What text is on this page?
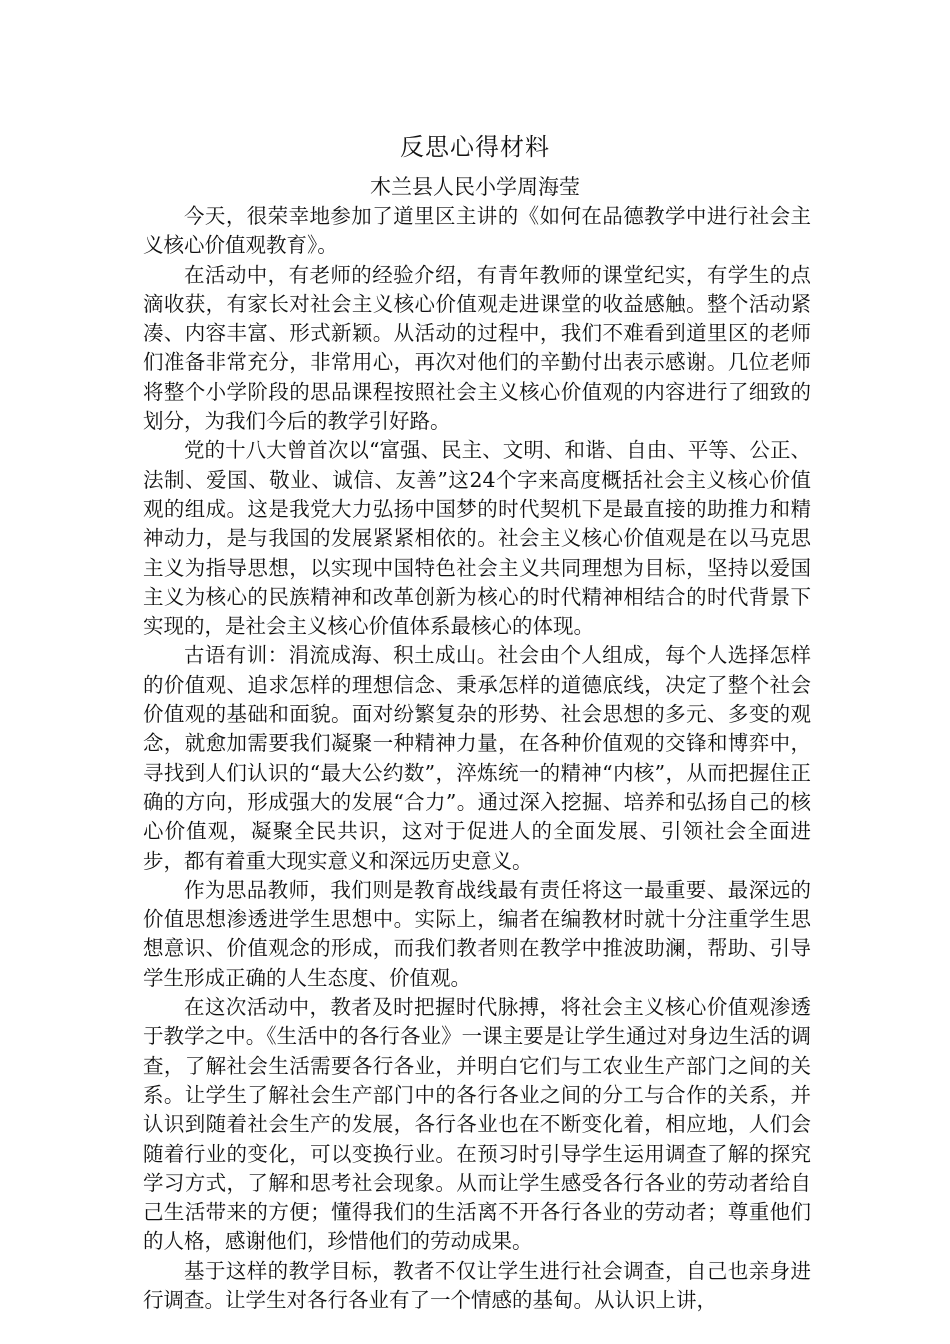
反思心得材料
木兰县人民小学周海莹

今天，很荣幸地参加了道里区主讲的《如何在品德教学中进行社会主义核心价值观教育》。

在活动中，有老师的经验介绍，有青年教师的课堂纪实，有学生的点滴收获，有家长对社会主义核心价值观走进课堂的收益感触。整个活动紧凑、内容丰富、形式新颖。从活动的过程中，我们不难看到道里区的老师们准备非常充分，非常用心，再次对他们的辛勤付出表示感谢。几位老师将整个小学阶段的思品课程按照社会主义核心价值观的内容进行了细致的划分，为我们今后的教学引好路。

党的十八大曾首次以“富强、民主、文明、和谐、自由、平等、公正、法制、爱国、敬业、诚信、友善”这24个字来高度概括社会主义核心价值观的组成。这是我党大力弘扬中国梦的时代契机下是最直接的助推力和精神动力，是与我国的发展紧紧相依的。社会主义核心价值观是在以马克思主义为指导思想，以实现中国特色社会主义共同理想为目标，坚持以爱国主义为核心的民族精神和改革创新为核心的时代精神相结合的时代背景下实现的，是社会主义核心价值体系最核心的体现。

古语有训：涓流成海、积土成山。社会由个人组成，每个人选择怎样的价值观、追求怎样的理想信念、秉承怎样的道德底线，决定了整个社会价值观的基础和面貌。面对纷繁复杂的形势、社会思想的多元、多变的观念，就愈加需要我们凝聚一种精神力量，在各种价值观的交锋和博弈中，寻找到人们认识的“最大公约数”，淬炼统一的精神“内核”，从而把握住正确的方向，形成强大的发展“合力”。通过深入挖掘、培养和弘扬自己的核心价值观，凝聚全民共识，这对于促进人的全面发展、引领社会全面进步，都有着重大现实意义和深远历史意义。

作为思品教师，我们则是教育战线最有责任将这一最重要、最深远的价值思想渗透进学生思想中。实际上，编者在编教材时就十分注重学生思想意识、价值观念的形成，而我们教者则在教学中推波助澜，帮助、引导学生形成正确的人生态度、价值观。

在这次活动中，教者及时把握时代脉搏，将社会主义核心价值观渗透于教学之中。《生活中的各行各业》一课主要是让学生通过对身边生活的调查，了解社会生活需要各行各业，并明白它们与工农业生产部门之间的关系。让学生了解社会生产部门中的各行各业之间的分工与合作的关系，并认识到随着社会生产的发展，各行各业也在不断变化着，相应地，人们会随着行业的变化，可以变换行业。在预习时引导学生运用调查了解的探究学习方式，了解和思考社会现象。从而让学生感受各行各业的劳动者给自己生活带来的方便；懂得我们的生活离不开各行各业的劳动者；尊重他们的人格，感谢他们，珍惜他们的劳动成果。

基于这样的教学目标，教者不仅让学生进行社会调查，自己也亲身进行调查。让学生对各行各业有了一个情感的基甸。从认识上讲，
